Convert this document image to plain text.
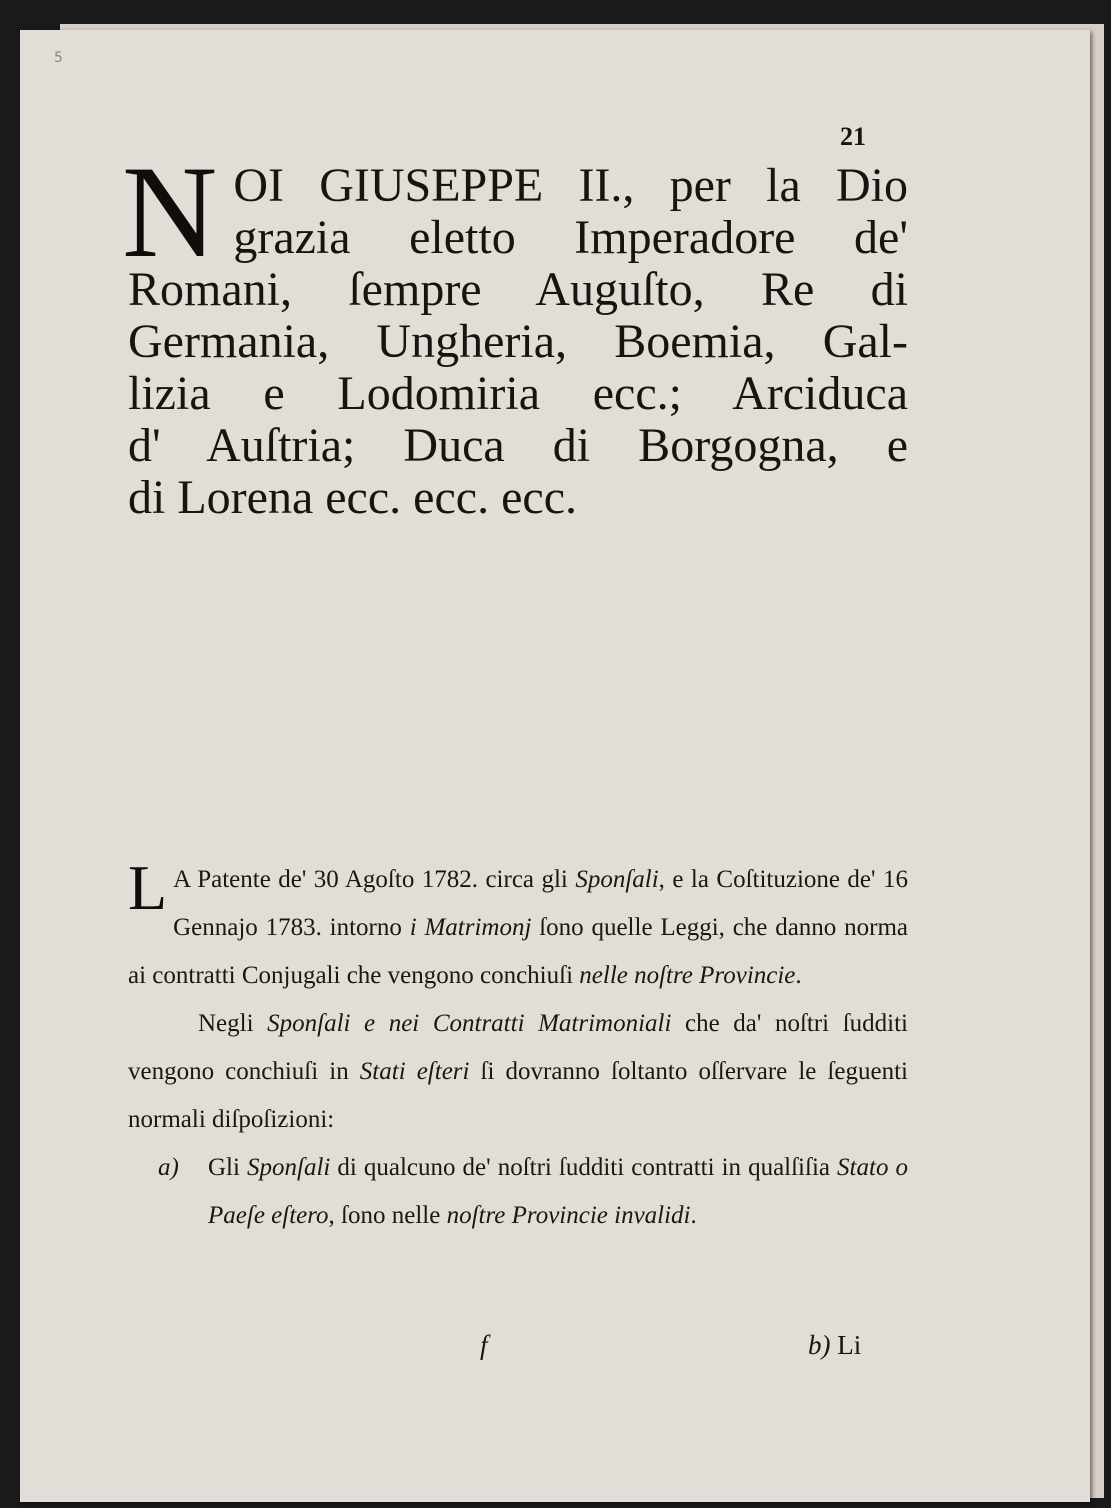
5
21
N OI GIUSEPPE II., per la Dio
grazia eletto Imperadore de'
Romani, ſempre Auguſto, Re di
Germania, Ungheria, Boemia, Gal-
lizia e Lodomiria ecc.; Arciduca
d' Auſtria; Duca di Borgogna, e
di Lorena ecc. ecc. ecc.

L A Patente de' 30 Agoſto 1782. circa gli Sponſali, e la Coſtituzione de' 16 Gennajo 1783. intorno i Matrimonj ſono quelle Leggi, che danno norma ai contratti Conjugali che vengono conchiuſi nelle noſtre Provincie.

Negli Sponſali e nei Contratti Matrimoniali che da' noſtri ſudditi vengono conchiuſi in Stati eſteri ſi dovranno ſoltanto oſſervare le ſeguenti normali diſpoſizioni:

a) Gli Sponſali di qualcuno de' noſtri ſudditi contratti in qualſiſia Stato o Paeſe eſtero, ſono nelle noſtre Provincie invalidi.

f	b) Li
